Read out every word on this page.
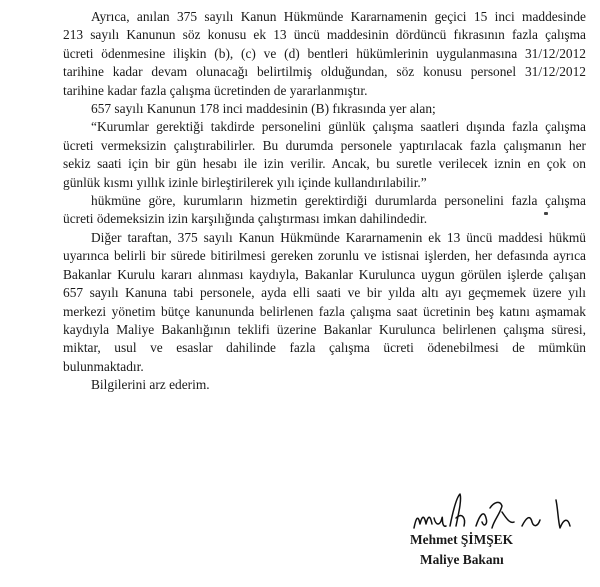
Ayrıca, anılan 375 sayılı Kanun Hükmünde Kararnamenin geçici 15 inci maddesinde
213 sayılı Kanunun söz konusu ek 13 üncü maddesinin dördüncü fıkrasının fazla çalışma
ücreti ödenmesine ilişkin (b), (c) ve (d) bentleri hükümlerinin uygulanmasına 31/12/2012
tarihine kadar devam olunacağı belirtilmiş olduğundan, söz konusu personel 31/12/2012
tarihine kadar fazla çalışma ücretinden de yararlanmıştır.
657 sayılı Kanunun 178 inci maddesinin (B) fıkrasında yer alan;
“Kurumlar gerektiği takdirde personelini günlük çalışma saatleri dışında fazla çalışma
ücreti vermeksizin çalıştırabilirler. Bu durumda personele yaptırılacak fazla çalışmanın her
sekiz saati için bir gün hesabı ile izin verilir. Ancak, bu suretle verilecek iznin en çok on
günlük kısmı yıllık izinle birleştirilerek yılı içinde kullandırılabilir.”
hükmüne göre, kurumların hizmetin gerektirdiği durumlarda personelini fazla çalışma
ücreti ödemeksizin izin karşılığında çalıştırması imkan dahilindedir.
Diğer taraftan, 375 sayılı Kanun Hükmünde Kararnamenin ek 13 üncü maddesi hükmü
uyarınca belirli bir sürede bitirilmesi gereken zorunlu ve istisnai işlerden, her defasında ayrıca
Bakanlar Kurulu kararı alınması kaydıyla, Bakanlar Kurulunca uygun görülen işlerde çalışan
657 sayılı Kanuna tabi personele, ayda elli saati ve bir yılda altı ayı geçmemek üzere yılı
merkezi yönetim bütçe kanununda belirlenen fazla çalışma saat ücretinin beş katını aşmamak
kaydıyla Maliye Bakanlığının teklifi üzerine Bakanlar Kurulunca belirlenen çalışma süresi,
miktar, usul ve esaslar dahilinde fazla çalışma ücreti ödenebilmesi de mümkün
bulunmaktadır.
Bilgilerini arz ederim.
Mehmet ŞİMŞEK
Maliye Bakanı
